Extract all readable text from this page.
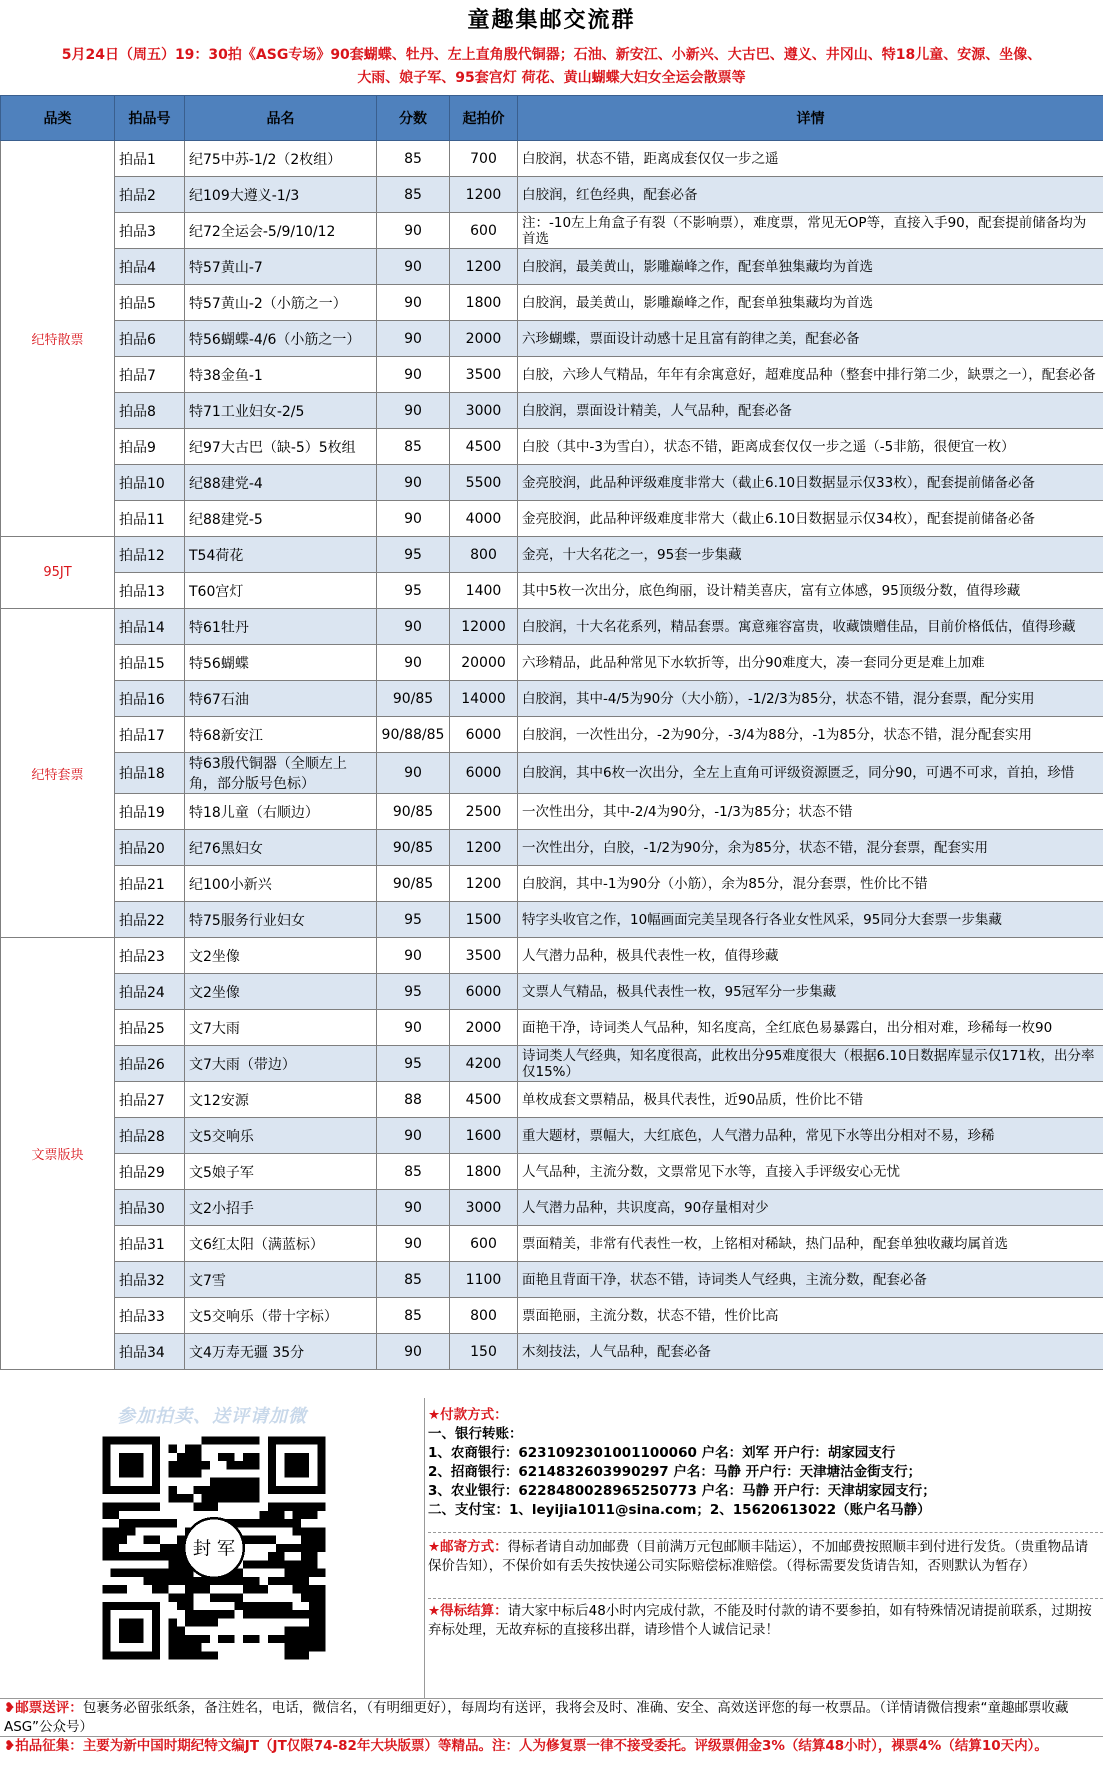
童趣集邮交流群
5月24日（周五）19：30拍《ASG专场》90套蝴蝶、牡丹、左上直角殷代铜器；石油、新安江、小新兴、大古巴、遵义、井冈山、特18儿童、安源、坐像、
大雨、娘子军、95套宫灯 荷花、黄山蝴蝶大妇女全运会散票等
品类	拍品号	品名	分数	起拍价	详情
纪特散票	拍品1	纪75中苏-1/2（2枚组）	85	700	白胶润，状态不错，距离成套仅仅一步之遥
	拍品2	纪109大遵义-1/3	85	1200	白胶润，红色经典，配套必备
	拍品3	纪72全运会-5/9/10/12	90	600	注：-10左上角盒子有裂（不影响票），难度票，常见无OP等，直接入手90，配套提前储备均为首选
	拍品4	特57黄山-7	90	1200	白胶润，最美黄山，影雕巅峰之作，配套单独集藏均为首选
	拍品5	特57黄山-2（小筋之一）	90	1800	白胶润，最美黄山，影雕巅峰之作，配套单独集藏均为首选
	拍品6	特56蝴蝶-4/6（小筋之一）	90	2000	六珍蝴蝶，票面设计动感十足且富有韵律之美，配套必备
	拍品7	特38金鱼-1	90	3500	白胶，六珍人气精品，年年有余寓意好，超难度品种（整套中排行第二少，缺票之一），配套必备
	拍品8	特71工业妇女-2/5	90	3000	白胶润，票面设计精美，人气品种，配套必备
	拍品9	纪97大古巴（缺-5）5枚组	85	4500	白胶（其中-3为雪白），状态不错，距离成套仅仅一步之遥（-5非筋，很便宜一枚）
	拍品10	纪88建党-4	90	5500	金亮胶润，此品种评级难度非常大（截止6.10日数据显示仅33枚），配套提前储备必备
	拍品11	纪88建党-5	90	4000	金亮胶润，此品种评级难度非常大（截止6.10日数据显示仅34枚），配套提前储备必备
95JT	拍品12	T54荷花	95	800	金亮，十大名花之一，95套一步集藏
	拍品13	T60宫灯	95	1400	其中5枚一次出分，底色绚丽，设计精美喜庆，富有立体感，95顶级分数，值得珍藏
纪特套票	拍品14	特61牡丹	90	12000	白胶润，十大名花系列，精品套票。寓意雍容富贵，收藏馈赠佳品，目前价格低估，值得珍藏
	拍品15	特56蝴蝶	90	20000	六珍精品，此品种常见下水软折等，出分90难度大，凑一套同分更是难上加难
	拍品16	特67石油	90/85	14000	白胶润，其中-4/5为90分（大小筋），-1/2/3为85分，状态不错，混分套票，配分实用
	拍品17	特68新安江	90/88/85	6000	白胶润，一次性出分，-2为90分，-3/4为88分，-1为85分，状态不错，混分配套实用
	拍品18	特63殷代铜器（全顺左上角，部分版号色标）	90	6000	白胶润，其中6枚一次出分，全左上直角可评级资源匮乏，同分90，可遇不可求，首拍，珍惜
	拍品19	特18儿童（右顺边）	90/85	2500	一次性出分，其中-2/4为90分，-1/3为85分；状态不错
	拍品20	纪76黑妇女	90/85	1200	一次性出分，白胶，-1/2为90分，余为85分，状态不错，混分套票，配套实用
	拍品21	纪100小新兴	90/85	1200	白胶润，其中-1为90分（小筋），余为85分，混分套票，性价比不错
	拍品22	特75服务行业妇女	95	1500	特字头收官之作，10幅画面完美呈现各行各业女性风采，95同分大套票一步集藏
文票版块	拍品23	文2坐像	90	3500	人气潜力品种，极具代表性一枚，值得珍藏
	拍品24	文2坐像	95	6000	文票人气精品，极具代表性一枚，95冠军分一步集藏
	拍品25	文7大雨	90	2000	面艳干净，诗词类人气品种，知名度高，全红底色易暴露白，出分相对难，珍稀每一枚90
	拍品26	文7大雨（带边）	95	4200	诗词类人气经典，知名度很高，此枚出分95难度很大（根据6.10日数据库显示仅171枚，出分率仅15%）
	拍品27	文12安源	88	4500	单枚成套文票精品，极具代表性，近90品质，性价比不错
	拍品28	文5交响乐	90	1600	重大题材，票幅大，大红底色，人气潜力品种，常见下水等出分相对不易，珍稀
	拍品29	文5娘子军	85	1800	人气品种，主流分数，文票常见下水等，直接入手评级安心无忧
	拍品30	文2小招手	90	3000	人气潜力品种，共识度高，90存量相对少
	拍品31	文6红太阳（满蓝标）	90	600	票面精美，非常有代表性一枚，上铭相对稀缺，热门品种，配套单独收藏均属首选
	拍品32	文7雪	85	1100	面艳且背面干净，状态不错，诗词类人气经典，主流分数，配套必备
	拍品33	文5交响乐（带十字标）	85	800	票面艳丽，主流分数，状态不错，性价比高
	拍品34	文4万寿无疆 35分	90	150	木刻技法，人气品种，配套必备
参加拍卖、送评请加微
封 军
★付款方式：
一、银行转账：
1、农商银行：6231092301001100060 户名：刘军 开户行：胡家园支行
2、招商银行：6214832603990297 户名：马静 开户行：天津塘沽金街支行；
3、农业银行：6228480028965250773 户名：马静 开户行：天津胡家园支行；
二、支付宝：1、leyijia1011@sina.com；2、15620613022（账户名马静）
★邮寄方式：得标者请自动加邮费（目前满万元包邮顺丰陆运），不加邮费按照顺丰到付进行发货。（贵重物品请保价告知），不保价如有丢失按快递公司实际赔偿标准赔偿。（得标需要发货请告知，否则默认为暂存）
★得标结算：请大家中标后48小时内完成付款，不能及时付款的请不要参拍，如有特殊情况请提前联系，过期按弃标处理，无故弃标的直接移出群，请珍惜个人诚信记录！
❥邮票送评：包裹务必留张纸条，备注姓名，电话，微信名，（有明细更好），每周均有送评，我将会及时、准确、安全、高效送评您的每一枚票品。（详情请微信搜索“童趣邮票收藏ASG”公众号）
❥拍品征集：主要为新中国时期纪特文编JT（JT仅限74-82年大块版票）等精品。注：人为修复票一律不接受委托。评级票佣金3%（结算48小时），裸票4%（结算10天内）。
